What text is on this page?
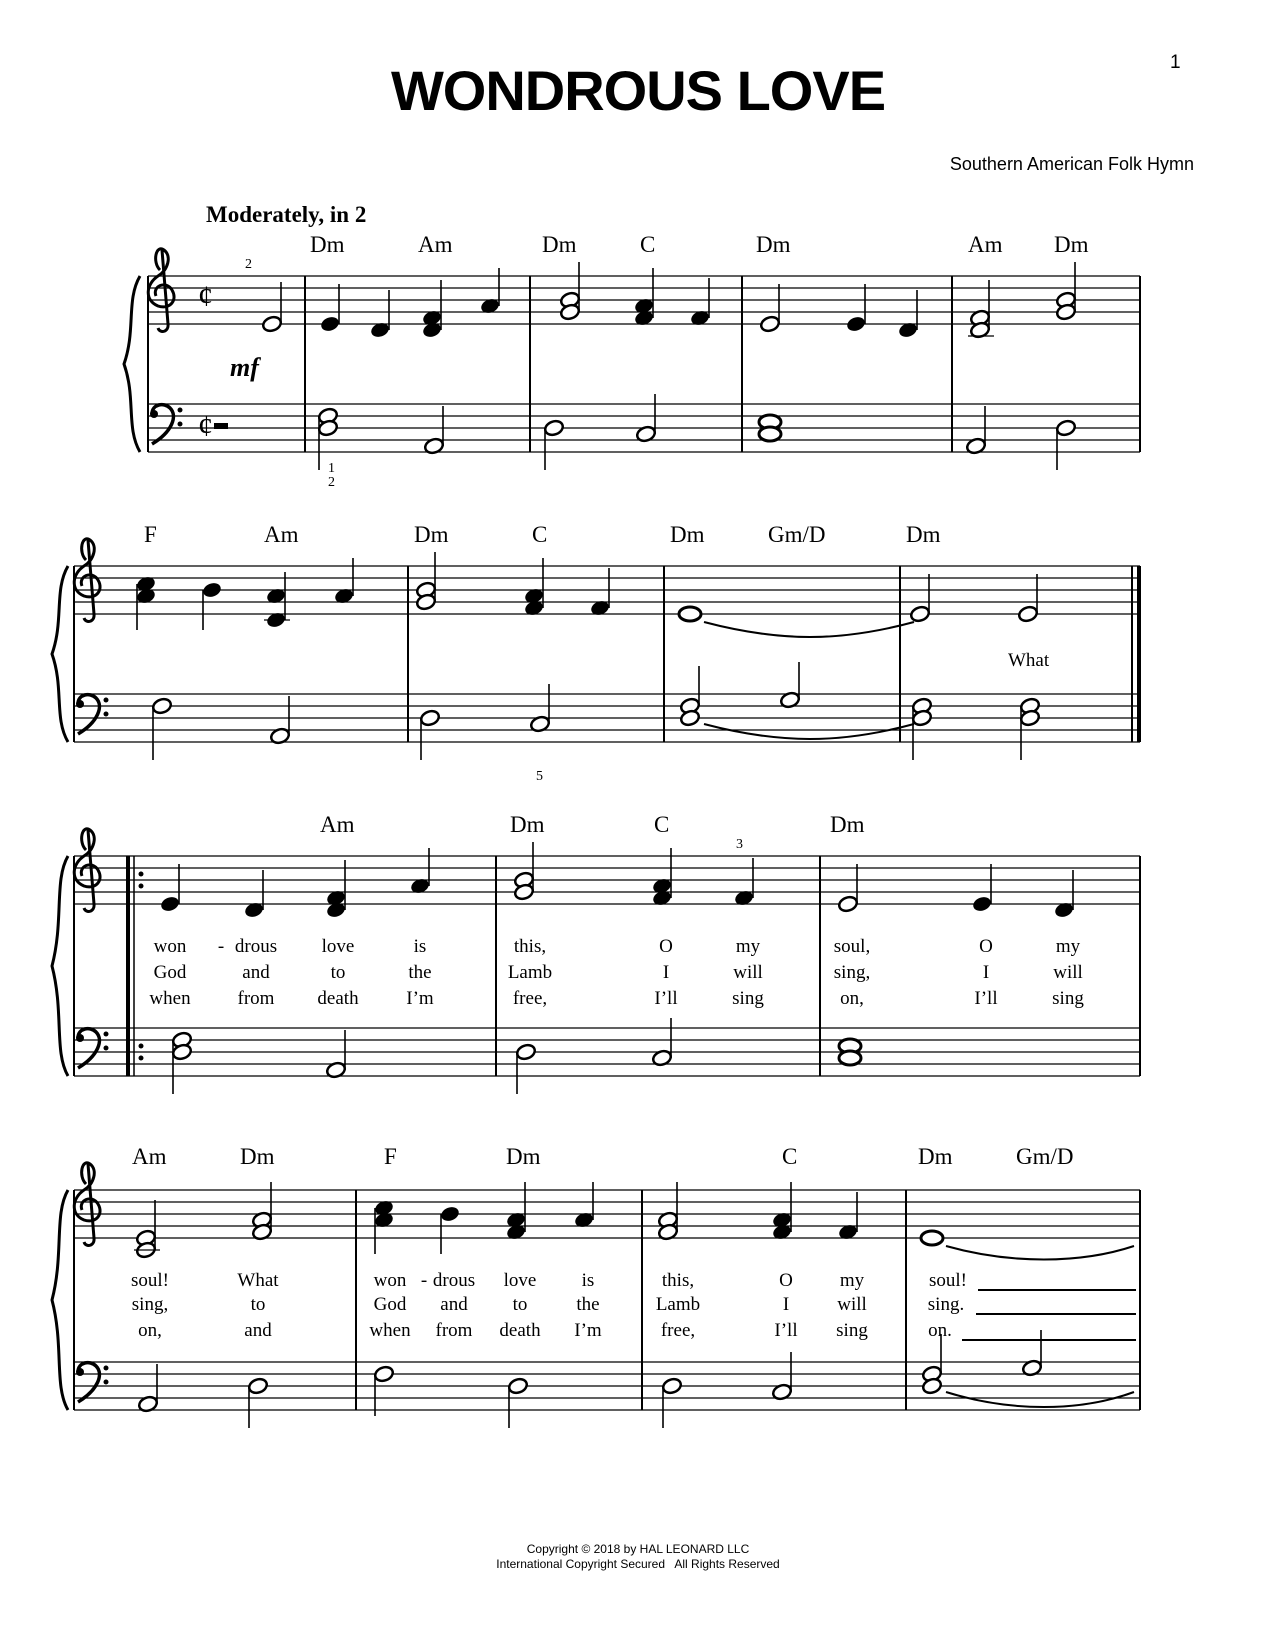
WONDROUS LOVE	1
Southern American Folk Hymn
Moderately, in 2
¢
¢
mf
Dm	Am	Dm	C	Dm	Am Dm
2
1
2
What
F	Am	Dm	C	Dm	Gm/D	Dm
5
3
Am	Dm	C	Dm
won - drous love	is	this,	O	my	soul,	O	my
God	and	to	the	Lamb	I	will	sing,	I	will
when from death	I’m	free,	I’ll	sing	on,	I’ll	sing
Am	Dm	F	Dm	C	Dm	Gm/D
soul!	What	won - drous love is	this,	O my	soul!
sing,	to	God and to	the	Lamb	I	will	sing.
on,	and	when from death I’m	free,	I’ll sing	on.
Copyright © 2018 by HAL LEONARD LLC
International Copyright Secured   All Rights Reserved
